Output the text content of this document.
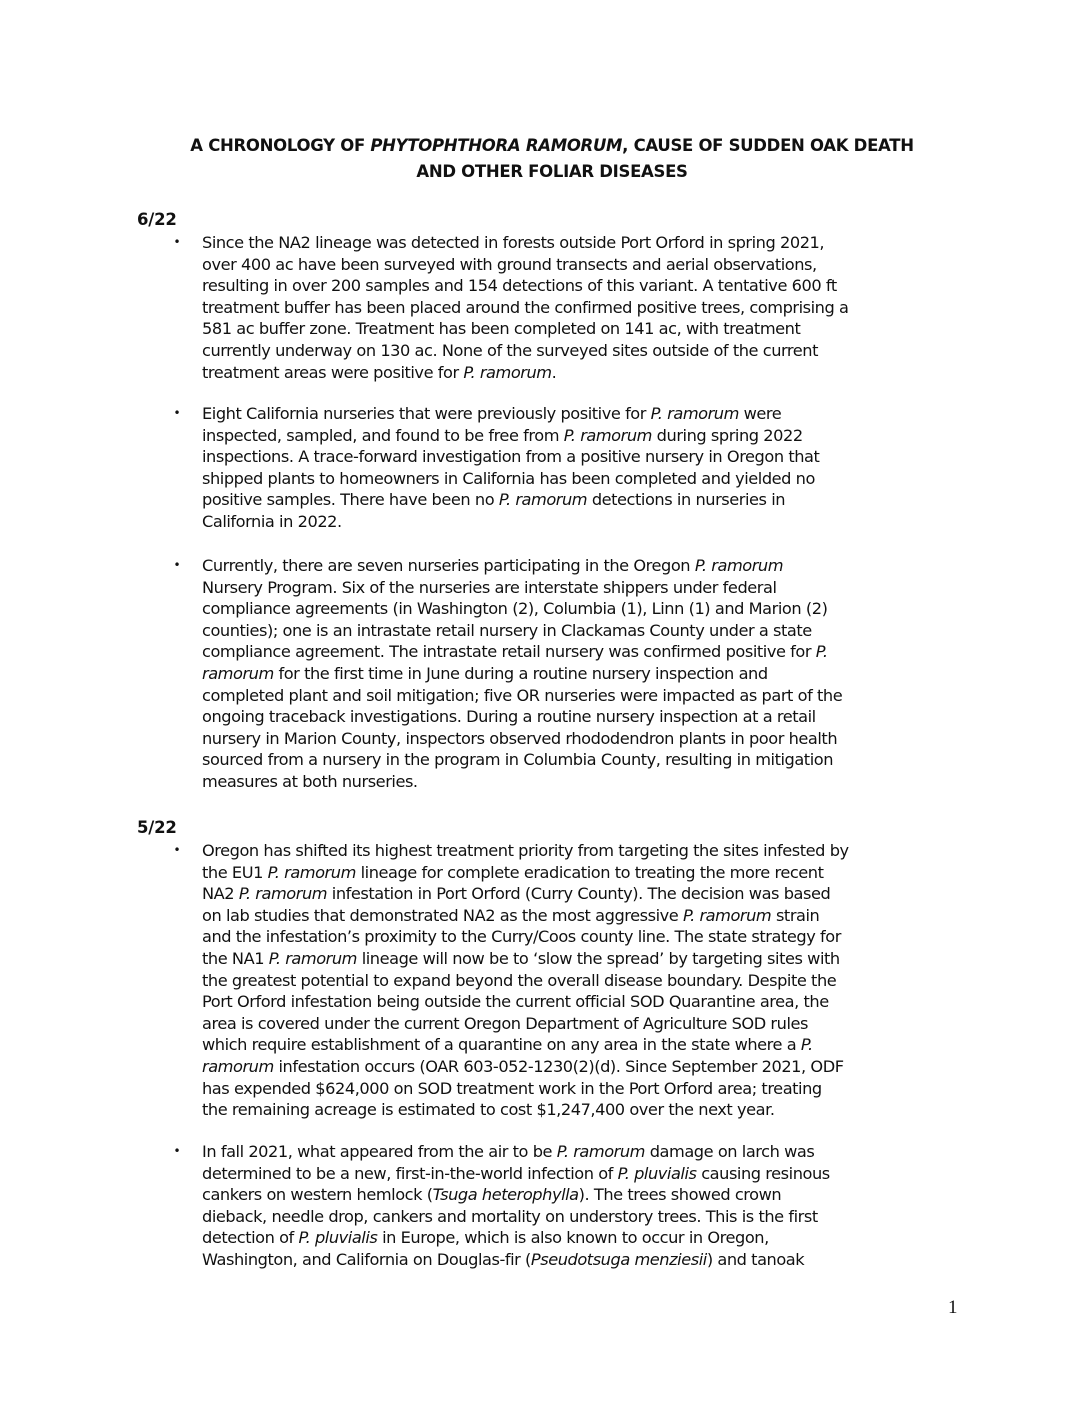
A CHRONOLOGY OF PHYTOPHTHORA RAMORUM, CAUSE OF SUDDEN OAK DEATH
AND OTHER FOLIAR DISEASES
6/22
• Since the NA2 lineage was detected in forests outside Port Orford in spring 2021,
over 400 ac have been surveyed with ground transects and aerial observations,
resulting in over 200 samples and 154 detections of this variant. A tentative 600 ft
treatment buffer has been placed around the confirmed positive trees, comprising a
581 ac buffer zone. Treatment has been completed on 141 ac, with treatment
currently underway on 130 ac. None of the surveyed sites outside of the current
treatment areas were positive for P. ramorum.
• Eight California nurseries that were previously positive for P. ramorum were
inspected, sampled, and found to be free from P. ramorum during spring 2022
inspections. A trace-forward investigation from a positive nursery in Oregon that
shipped plants to homeowners in California has been completed and yielded no
positive samples. There have been no P. ramorum detections in nurseries in
California in 2022.
• Currently, there are seven nurseries participating in the Oregon P. ramorum
Nursery Program. Six of the nurseries are interstate shippers under federal
compliance agreements (in Washington (2), Columbia (1), Linn (1) and Marion (2)
counties); one is an intrastate retail nursery in Clackamas County under a state
compliance agreement. The intrastate retail nursery was confirmed positive for P.
ramorum for the first time in June during a routine nursery inspection and
completed plant and soil mitigation; five OR nurseries were impacted as part of the
ongoing traceback investigations. During a routine nursery inspection at a retail
nursery in Marion County, inspectors observed rhododendron plants in poor health
sourced from a nursery in the program in Columbia County, resulting in mitigation
measures at both nurseries.
5/22
• Oregon has shifted its highest treatment priority from targeting the sites infested by
the EU1 P. ramorum lineage for complete eradication to treating the more recent
NA2 P. ramorum infestation in Port Orford (Curry County). The decision was based
on lab studies that demonstrated NA2 as the most aggressive P. ramorum strain
and the infestation’s proximity to the Curry/Coos county line. The state strategy for
the NA1 P. ramorum lineage will now be to ‘slow the spread’ by targeting sites with
the greatest potential to expand beyond the overall disease boundary. Despite the
Port Orford infestation being outside the current official SOD Quarantine area, the
area is covered under the current Oregon Department of Agriculture SOD rules
which require establishment of a quarantine on any area in the state where a P.
ramorum infestation occurs (OAR 603-052-1230(2)(d). Since September 2021, ODF
has expended $624,000 on SOD treatment work in the Port Orford area; treating
the remaining acreage is estimated to cost $1,247,400 over the next year.
• In fall 2021, what appeared from the air to be P. ramorum damage on larch was
determined to be a new, first-in-the-world infection of P. pluvialis causing resinous
cankers on western hemlock (Tsuga heterophylla). The trees showed crown
dieback, needle drop, cankers and mortality on understory trees. This is the first
detection of P. pluvialis in Europe, which is also known to occur in Oregon,
Washington, and California on Douglas-fir (Pseudotsuga menziesii) and tanoak
1
